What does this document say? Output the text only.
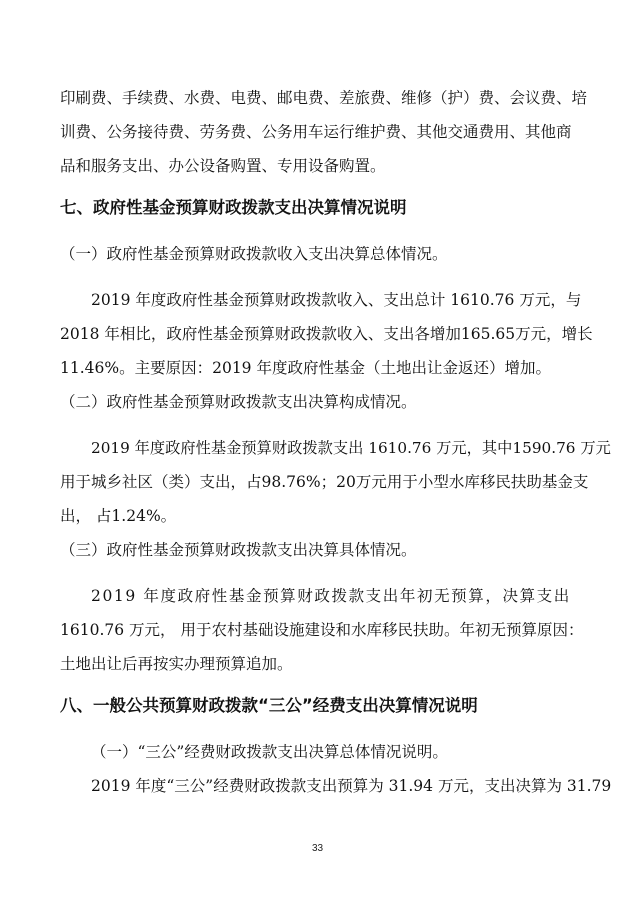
印刷费、手续费、水费、电费、邮电费、差旅费、维修（护）费、会议费、培

训费、公务接待费、劳务费、公务用车运行维护费、其他交通费用、其他商

品和服务支出、办公设备购置、专用设备购置。

七、政府性基金预算财政拨款支出决算情况说明

（一）政府性基金预算财政拨款收入支出决算总体情况。

2019 年度政府性基金预算财政拨款收入、支出总计 1610.76 万元，与

2018 年相比，政府性基金预算财政拨款收入、支出各增加165.65万元，增长

11.46%。主要原因：2019 年度政府性基金（土地出让金返还）增加。

（二）政府性基金预算财政拨款支出决算构成情况。

2019 年度政府性基金预算财政拨款支出 1610.76 万元，其中1590.76 万元

用于城乡社区（类）支出，占98.76%；20万元用于小型水库移民扶助基金支

出， 占1.24%。

（三）政府性基金预算财政拨款支出决算具体情况。

2019 年度政府性基金预算财政拨款支出年初无预算，决算支出

1610.76 万元， 用于农村基础设施建设和水库移民扶助。年初无预算原因：

土地出让后再按实办理预算追加。

八、一般公共预算财政拨款“三公”经费支出决算情况说明

（一）“三公”经费财政拨款支出决算总体情况说明。

2019 年度“三公”经费财政拨款支出预算为 31.94 万元，支出决算为 31.79

33
